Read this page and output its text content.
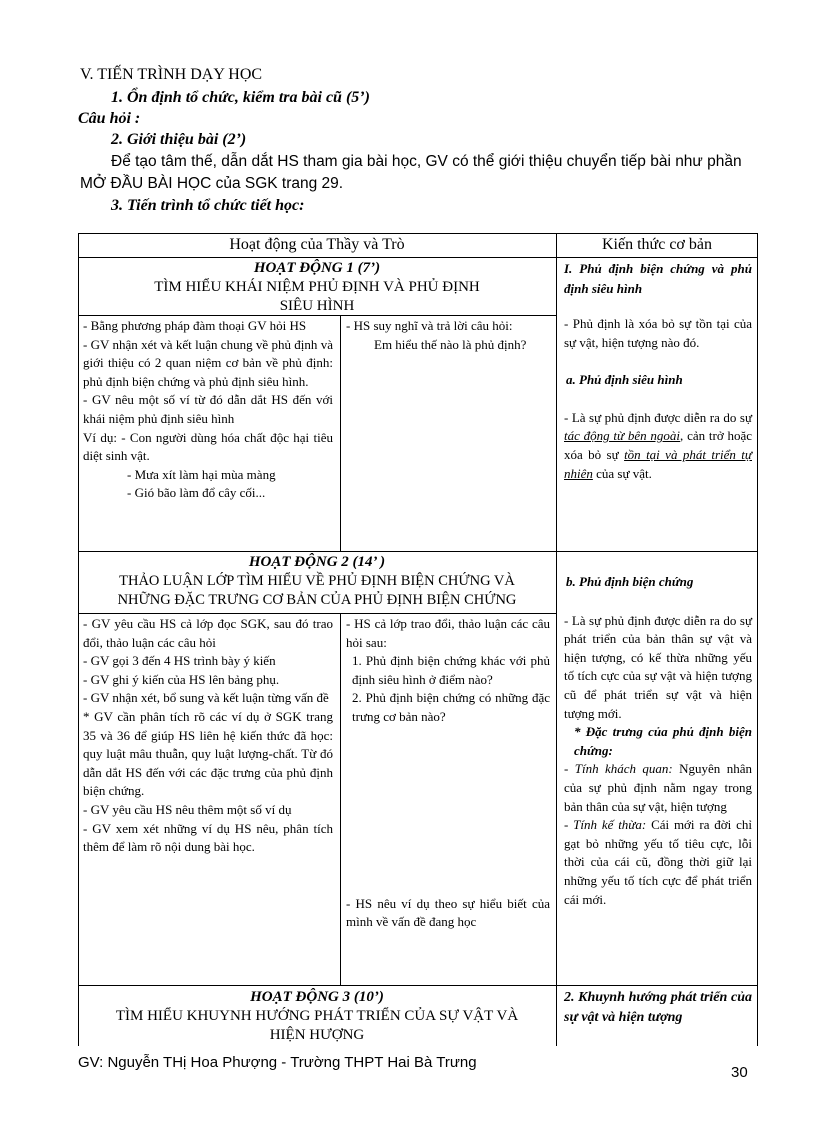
V. TIẾN TRÌNH DẠY HỌC
1. Ổn định tổ chức, kiểm tra bài cũ (5’)
Câu hỏi :
2. Giới thiệu bài (2’)
Để tạo tâm thế, dẫn dắt HS tham gia bài học, GV có thể giới thiệu chuyển tiếp bài như phần
MỞ ĐẦU BÀI HỌC của SGK trang 29.
3. Tiến trình tổ chức tiết học:
Hoạt động của Thầy và Trò	Kiến thức cơ bản
HOẠT ĐỘNG 1 (7’)
TÌM HIỂU KHÁI NIỆM PHỦ ĐỊNH VÀ PHỦ ĐỊNH
SIÊU HÌNH

- Bằng phương pháp đàm thoại GV hỏi HS

- GV nhận xét và kết luận chung về phủ định và giới thiệu có 2 quan niệm cơ bản về phủ định: phủ định biện chứng và phủ định siêu hình.

- GV nêu một số ví từ đó dẫn dắt HS đến với khái niệm phủ định siêu hình

Ví dụ: - Con người dùng hóa chất độc hại tiêu diệt sinh vật.

- Mưa xít làm hại mùa màng

- Gió bão làm đổ cây cối...

- HS suy nghĩ và trả lời câu hỏi:

Em hiểu thế nào là phủ định?

I. Phủ định biện chứng và phủ định siêu hình

- Phủ định là xóa bỏ sự tồn tại của sự vật, hiện tượng nào đó.

a. Phủ định siêu hình

- Là sự phủ định được diễn ra do sự tác động từ bên ngoài, cản trở hoặc xóa bỏ sự tồn tại và phát triển tự nhiên của sự vật.

HOẠT ĐỘNG 2 (14’ )
THẢO LUẬN LỚP TÌM HIỂU VỀ PHỦ ĐỊNH BIỆN CHỨNG VÀ
NHỮNG ĐẶC TRƯNG CƠ BẢN CỦA PHỦ ĐỊNH BIỆN CHỨNG

- GV yêu cầu HS cả lớp đọc SGK, sau đó trao đổi, thảo luận các câu hỏi

- GV gọi 3 đến 4 HS trình bày ý kiến

- GV ghi ý kiến của HS lên bảng phụ.

- GV nhận xét, bổ sung và kết luận từng vấn đề

* GV cần phân tích rõ các ví dụ ở SGK trang 35 và 36 để giúp HS liên hệ kiến thức đã học: quy luật mâu thuẫn, quy luật lượng-chất. Từ đó dẫn dắt HS đến với các đặc trưng của phủ định biện chứng.

- GV yêu cầu HS nêu thêm một số ví dụ

- GV xem xét những ví dụ HS nêu, phân tích thêm để làm rõ nội dung bài học.

- HS cả lớp trao đổi, thảo luận các câu hỏi sau:

1. Phủ định biện chứng khác với phủ định siêu hình ở điểm nào?

2. Phủ định biện chứng có những đặc trưng cơ bản nào?

- HS nêu ví dụ theo sự hiểu biết của mình về vấn đề đang học

b. Phủ định biện chứng

- Là sự phủ định được diễn ra do sự phát triển của bản thân sự vật và hiện tượng, có kế thừa những yếu tố tích cực của sự vật và hiện tượng cũ để phát triển sự vật và hiện tượng mới.

* Đặc trưng của phủ định biện chứng:

- Tính khách quan: Nguyên nhân của sự phủ định nằm ngay trong bản thân của sự vật, hiện tượng

- Tính kế thừa: Cái mới ra đời chỉ gạt bỏ những yếu tố tiêu cực, lỗi thời của cái cũ, đồng thời giữ lại những yếu tố tích cực để phát triển cái mới.

HOẠT ĐỘNG 3 (10’)
TÌM HIỂU KHUYNH HƯỚNG PHÁT TRIỂN CỦA SỰ VẬT VÀ
HIỆN HƯỢNG
2. Khuynh hướng phát triển của sự vật và hiện tượng
GV: Nguyễn THị Hoa Phượng - Trường THPT Hai Bà Trưng
30
